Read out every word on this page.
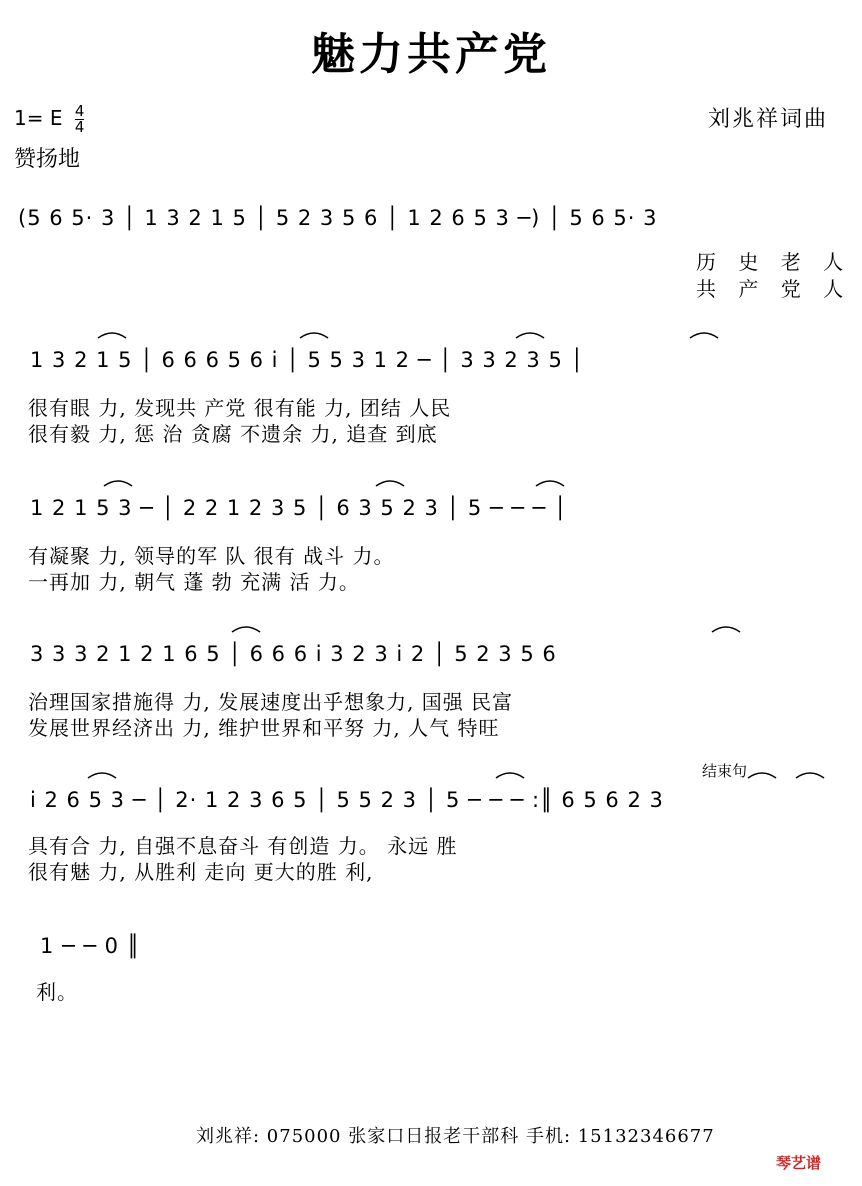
魅力共产党
1= E $\frac{4}{4}$
赞扬地
刘兆祥词曲
(5 6 5· 3 │ 1 3 2 1 5 │ 5 2 3 5 6 │ 1 2 6 5 3 ─) │ 5 6 5· 3
历 史 老 人
共 产 党 人
1 3 2 1 5 │ 6 6 6 5 6 i │ 5 5 3 1 2 ─ │ 3 3 2 3 5 │
很有眼 力, 发现共 产党 很有能 力, 团结 人民
很有毅 力, 惩 治 贪腐 不遗余 力, 追查 到底
1 2 1 5 3 ─ │ 2 2 1 2 3 5 │ 6 3 5 2 3 │ 5 ─ ─ ─ │
有凝聚 力, 领导的军 队 很有 战斗 力。
一再加 力, 朝气 蓬 勃 充满 活 力。
3 3 3 2 1 2 1 6 5 │ 6 6 6 i 3 2 3 i 2 │ 5 2 3 5 6
治理国家措施得 力, 发展速度出乎想象力, 国强 民富
发展世界经济出 力, 维护世界和平努 力, 人气 特旺
结束句
i 2 6 5 3 ─ │ 2· 1 2 3 6 5 │ 5 5 2 3 │ 5 ─ ─ ─ :║ 6 5 6 2 3
具有合 力, 自强不息奋斗 有创造 力。 永远 胜
很有魅 力, 从胜利 走向 更大的胜 利,
1 ─ ─ 0 ║
利。
刘兆祥: 075000 张家口日报老干部科 手机: 15132346677
琴艺谱
